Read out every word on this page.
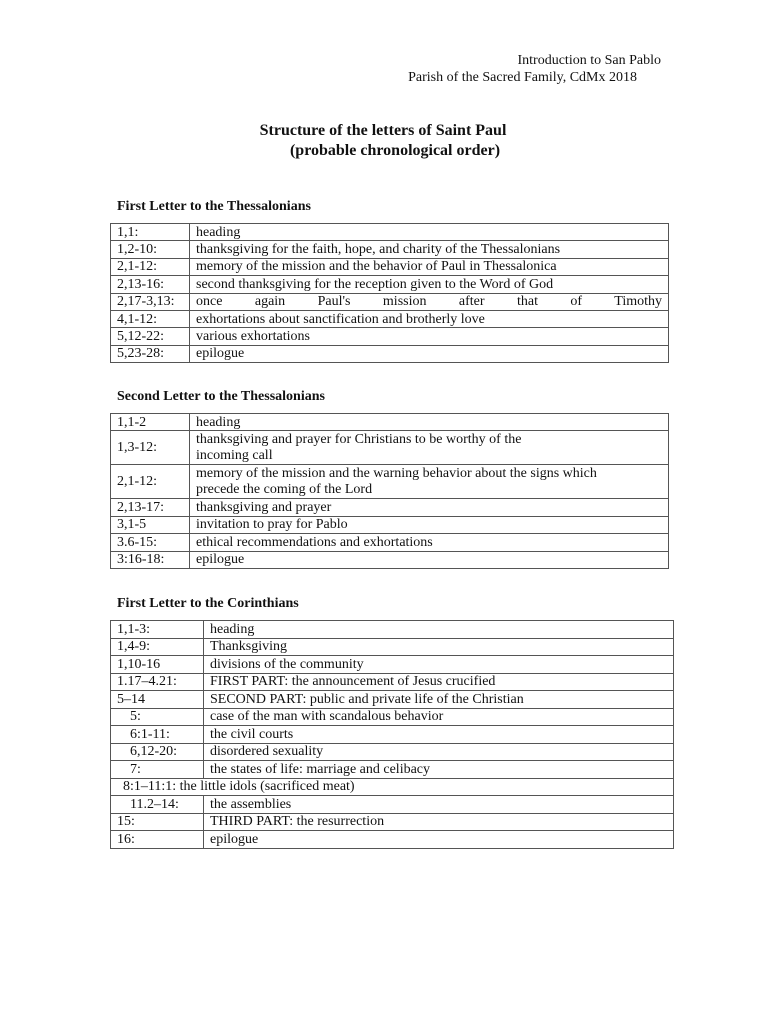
Introduction to San Pablo
Parish of the Sacred Family, CdMx 2018
Structure of the letters of Saint Paul
(probable chronological order)
First Letter to the Thessalonians
1,1:	heading
1,2-10:	thanksgiving for the faith, hope, and charity of the Thessalonians
2,1-12:	memory of the mission and the behavior of Paul in Thessalonica
2,13-16:	second thanksgiving for the reception given to the Word of God
2,17-3,13:	once again Paul's mission after that of Timothy
4,1-12:	exhortations about sanctification and brotherly love
5,12-22:	various exhortations
5,23-28:	epilogue
Second Letter to the Thessalonians
1,1-2	heading
1,3-12:	thanksgiving and prayer for Christians to be worthy of the incoming call
2,1-12:	memory of the mission and the warning behavior about the signs which precede the coming of the Lord
2,13-17:	thanksgiving and prayer
3,1-5	invitation to pray for Pablo
3.6-15:	ethical recommendations and exhortations
3:16-18:	epilogue
First Letter to the Corinthians
1,1-3:	heading
1,4-9:	Thanksgiving
1,10-16	divisions of the community
1.17–4.21:	FIRST PART: the announcement of Jesus crucified
5–14	SECOND PART: public and private life of the Christian
5:	case of the man with scandalous behavior
6:1-11:	the civil courts
6,12-20:	disordered sexuality
7:	the states of life: marriage and celibacy
8:1–11:1: the little idols (sacrificed meat)	
11.2–14:	the assemblies
15:	THIRD PART: the resurrection
16:	epilogue
